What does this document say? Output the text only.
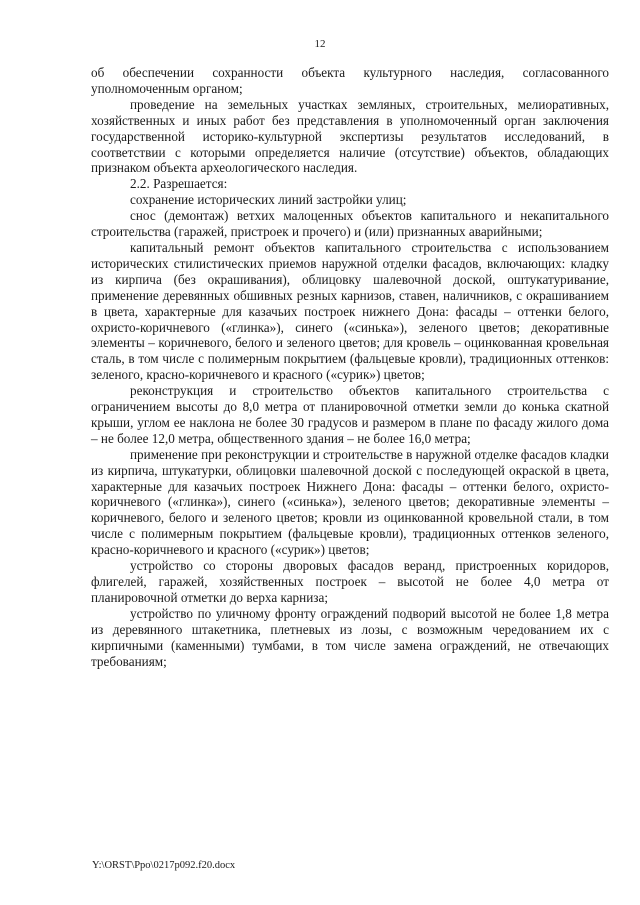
12

об обеспечении сохранности объекта культурного наследия, согласованного уполномоченным органом;

проведение на земельных участках земляных, строительных, мелиоративных, хозяйственных и иных работ без представления в уполномоченный орган заключения государственной историко-культурной экспертизы результатов исследований, в соответствии с которыми определяется наличие (отсутствие) объектов, обладающих признаком объекта археологического наследия.

2.2. Разрешается:

сохранение исторических линий застройки улиц;

снос (демонтаж) ветхих малоценных объектов капитального и некапитального строительства (гаражей, пристроек и прочего) и (или) признанных аварийными;

капитальный ремонт объектов капитального строительства с использованием исторических стилистических приемов наружной отделки фасадов, включающих: кладку из кирпича (без окрашивания), облицовку шалевочной доской, оштукатуривание, применение деревянных обшивных резных карнизов, ставен, наличников, с окрашиванием в цвета, характерные для казачьих построек нижнего Дона: фасады – оттенки белого, охристо-коричневого («глинка»), синего («синька»), зеленого цветов; декоративные элементы – коричневого, белого и зеленого цветов; для кровель – оцинкованная кровельная сталь, в том числе с полимерным покрытием (фальцевые кровли), традиционных оттенков: зеленого, красно-коричневого и красного («сурик») цветов;

реконструкция и строительство объектов капитального строительства с ограничением высоты до 8,0 метра от планировочной отметки земли до конька скатной крыши, углом ее наклона не более 30 градусов и размером в плане по фасаду жилого дома – не более 12,0 метра, общественного здания – не более 16,0 метра;

применение при реконструкции и строительстве в наружной отделке фасадов кладки из кирпича, штукатурки, облицовки шалевочной доской с последующей окраской в цвета, характерные для казачьих построек Нижнего Дона: фасады – оттенки белого, охристо-коричневого («глинка»), синего («синька»), зеленого цветов; декоративные элементы – коричневого, белого и зеленого цветов; кровли из оцинкованной кровельной стали, в том числе с полимерным покрытием (фальцевые кровли), традиционных оттенков зеленого, красно-коричневого и красного («сурик») цветов;

устройство со стороны дворовых фасадов веранд, пристроенных коридоров, флигелей, гаражей, хозяйственных построек – высотой не более 4,0 метра от планировочной отметки до верха карниза;

устройство по уличному фронту ограждений подворий высотой не более 1,8 метра из деревянного штакетника, плетневых из лозы, с возможным чередованием их с кирпичными (каменными) тумбами, в том числе замена ограждений, не отвечающих требованиям;

Y:\ORST\Ppo\0217p092.f20.docx
